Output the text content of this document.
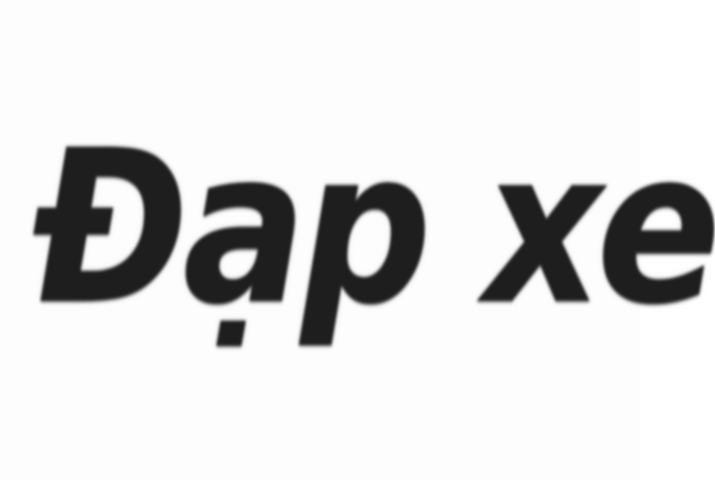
Đạp xe
